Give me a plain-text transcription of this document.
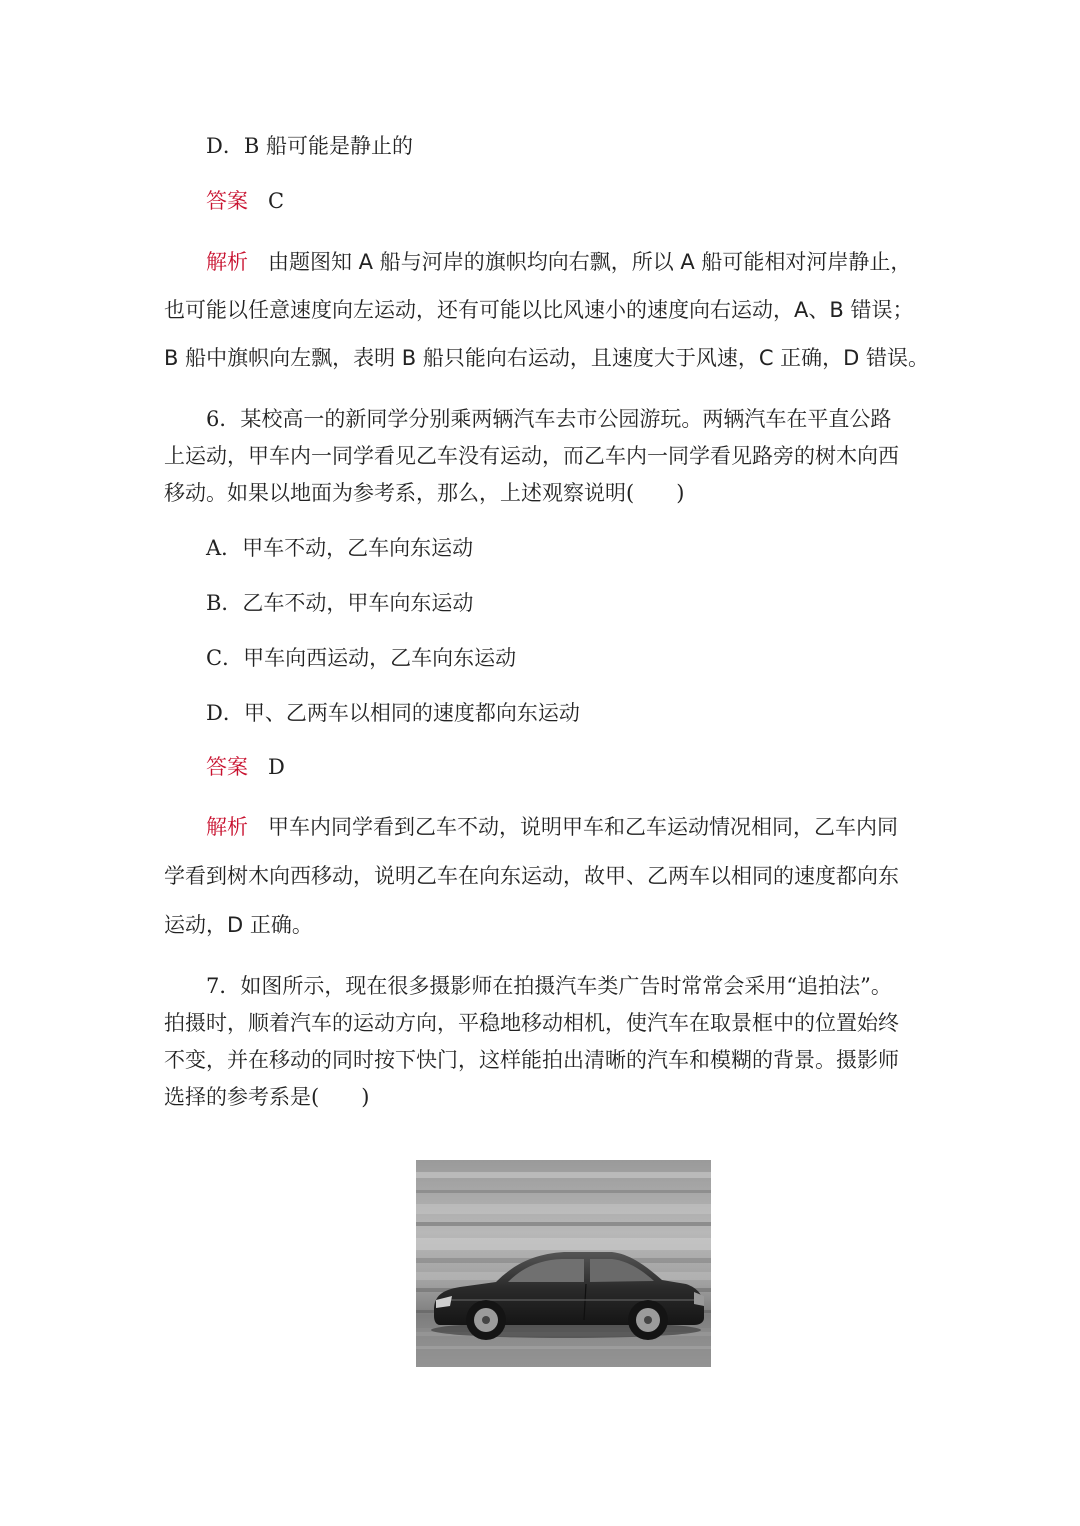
D．B 船可能是静止的
答案 C
解析 由题图知 A 船与河岸的旗帜均向右飘，所以 A 船可能相对河岸静止，
也可能以任意速度向左运动，还有可能以比风速小的速度向右运动，A、B 错误；
B 船中旗帜向左飘，表明 B 船只能向右运动，且速度大于风速，C 正确，D 错误。
6．某校高一的新同学分别乘两辆汽车去市公园游玩。两辆汽车在平直公路
上运动，甲车内一同学看见乙车没有运动，而乙车内一同学看见路旁的树木向西
移动。如果以地面为参考系，那么，上述观察说明(　　)
A．甲车不动，乙车向东运动
B．乙车不动，甲车向东运动
C．甲车向西运动，乙车向东运动
D．甲、乙两车以相同的速度都向东运动
答案 D
解析 甲车内同学看到乙车不动，说明甲车和乙车运动情况相同，乙车内同
学看到树木向西移动，说明乙车在向东运动，故甲、乙两车以相同的速度都向东
运动，D 正确。
7．如图所示，现在很多摄影师在拍摄汽车类广告时常常会采用“追拍法”。
拍摄时，顺着汽车的运动方向，平稳地移动相机，使汽车在取景框中的位置始终
不变，并在移动的同时按下快门，这样能拍出清晰的汽车和模糊的背景。摄影师
选择的参考系是(　　)
